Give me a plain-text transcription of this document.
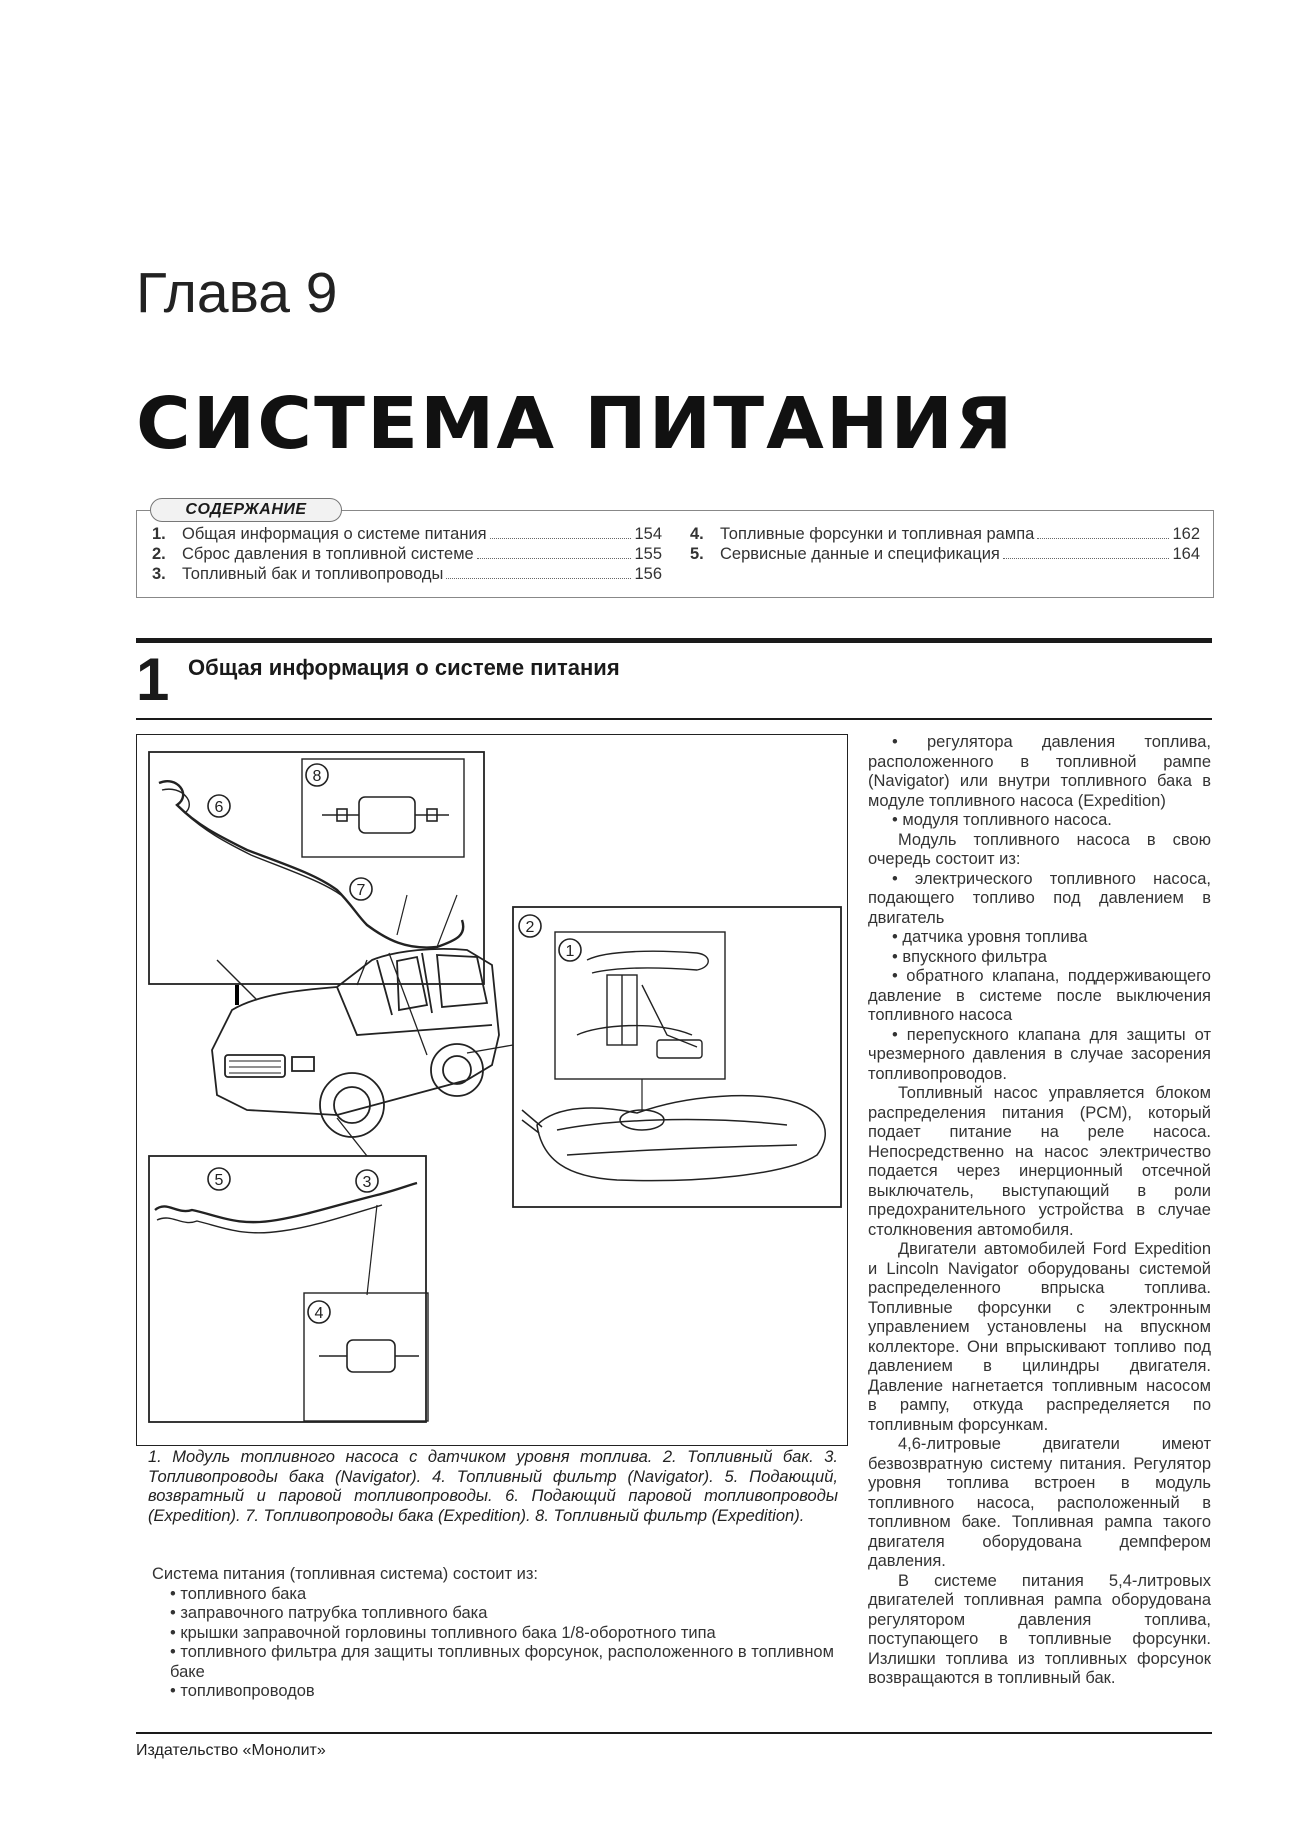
Глава 9
СИСТЕМА ПИТАНИЯ
СОДЕРЖАНИЕ
1. Общая информация о системе питания	154
2. Сброс давления в топливной системе	155
3. Топливный бак и топливопроводы	156
4. Топливные форсунки и топливная рампа	162
5. Сервисные данные и спецификация	164
1 Общая информация о системе питания
1
2
3
4
5
6
7
8
1. Модуль топливного насоса с датчиком уровня топлива. 2. Топливный бак. 3. Топливопроводы бака (Navigator). 4. Топливный фильтр (Navigator). 5. Подающий, возвратный и паровой топливопроводы. 6. Подающий паровой топливопроводы (Expedition). 7. Топливопроводы бака (Expedition). 8. Топливный фильтр (Expedition).

Система питания (топливная система) состоит из:

• топливного бака

• заправочного патрубка топливного бака

• крышки заправочной горловины топливного бака 1/8-оборотного типа

• топливного фильтра для защиты топливных форсунок, расположенного в топливном баке

• топливопроводов

• регулятора давления топлива, расположенного в топливной рампе (Navigator) или внутри топливного бака в модуле топливного насоса (Expedition)

• модуля топливного насоса.

Модуль топливного насоса в свою очередь состоит из:

• электрического топливного насоса, подающего топливо под давлением в двигатель

• датчика уровня топлива

• впускного фильтра

• обратного клапана, поддерживающего давление в системе после выключения топливного насоса

• перепускного клапана для защиты от чрезмерного давления в случае засорения топливопроводов.

Топливный насос управляется блоком распределения питания (PCM), который подает питание на реле насоса. Непосредственно на насос электричество подается через инерционный отсечной выключатель, выступающий в роли предохранительного устройства в случае столкновения автомобиля.

Двигатели автомобилей Ford Expedition и Lincoln Navigator оборудованы системой распределенного впрыска топлива. Топливные форсунки с электронным управлением установлены на впускном коллекторе. Они впрыскивают топливо под давлением в цилиндры двигателя. Давление нагнетается топливным насосом в рампу, откуда распределяется по топливным форсункам.

4,6-литровые двигатели имеют безвозвратную систему питания. Регулятор уровня топлива встроен в модуль топливного насоса, расположенный в топливном баке. Топливная рампа такого двигателя оборудована демпфером давления.

В системе питания 5,4-литровых двигателей топливная рампа оборудована регулятором давления топлива, поступающего в топливные форсунки. Излишки топлива из топливных форсунок возвращаются в топливный бак.

Издательство «Монолит»
